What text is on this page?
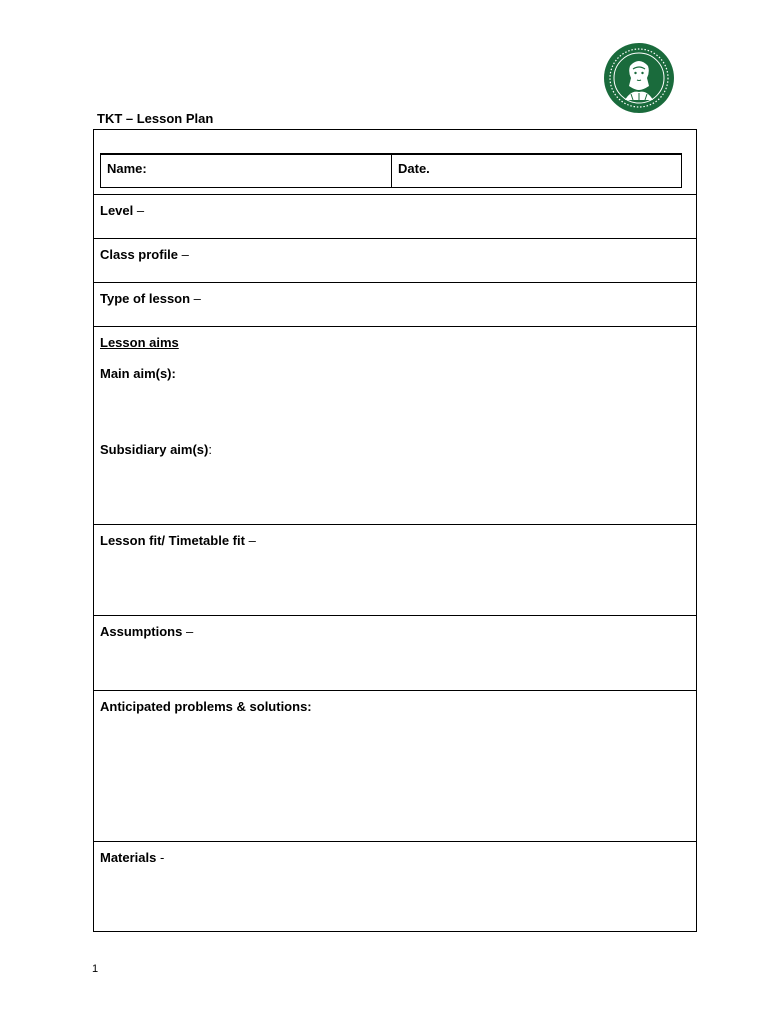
TKT – Lesson Plan
Name:	Date.
Level –
Class profile –
Type of lesson –
Lesson aims
Main aim(s):
Subsidiary aim(s):
Lesson fit/ Timetable fit –
Assumptions –
Anticipated problems & solutions:
Materials -
1
